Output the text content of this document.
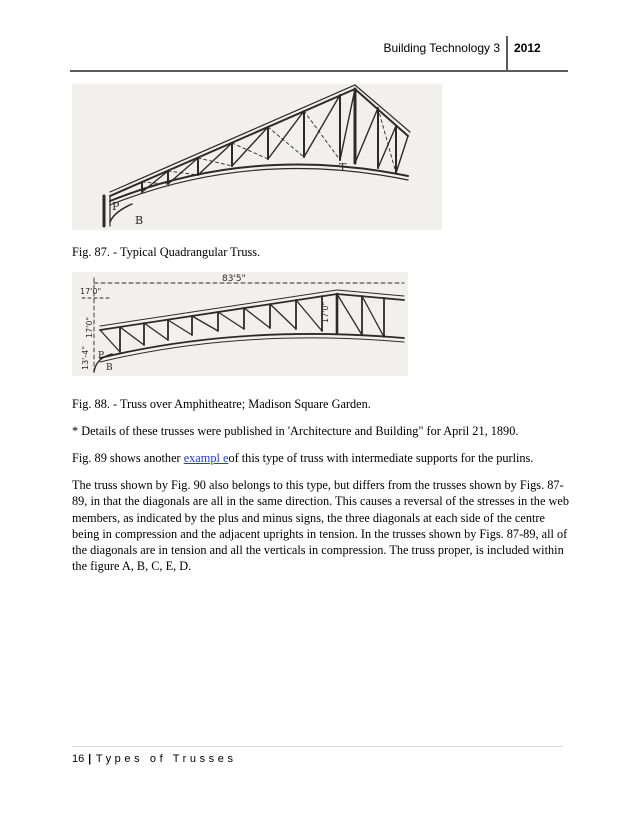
Building Technology 3 2012
P
B
T

Fig. 87. - Typical Quadrangular Truss.

83'5"
17'0"
17'0"
17'0"
13'-4" P
B

Fig. 88. - Truss over Amphitheatre; Madison Square Garden.

* Details of these trusses were published in 'Architecture and Building" for April 21, 1890.

Fig. 89 shows another exampl eof this type of truss with intermediate supports for the purlins.

The truss shown by Fig. 90 also belongs to this type, but differs from the trusses shown by Figs. 87-89, in that the diagonals are all in the same direction. This causes a reversal of the stresses in the web members, as indicated by the plus and minus signs, the three diagonals at each side of the centre being in compression and the adjacent uprights in tension. In the trusses shown by Figs. 87-89, all of the diagonals are in tension and all the verticals in compression. The truss proper, is included within the figure A, B, C, E, D.

16 | Types of Trusses
